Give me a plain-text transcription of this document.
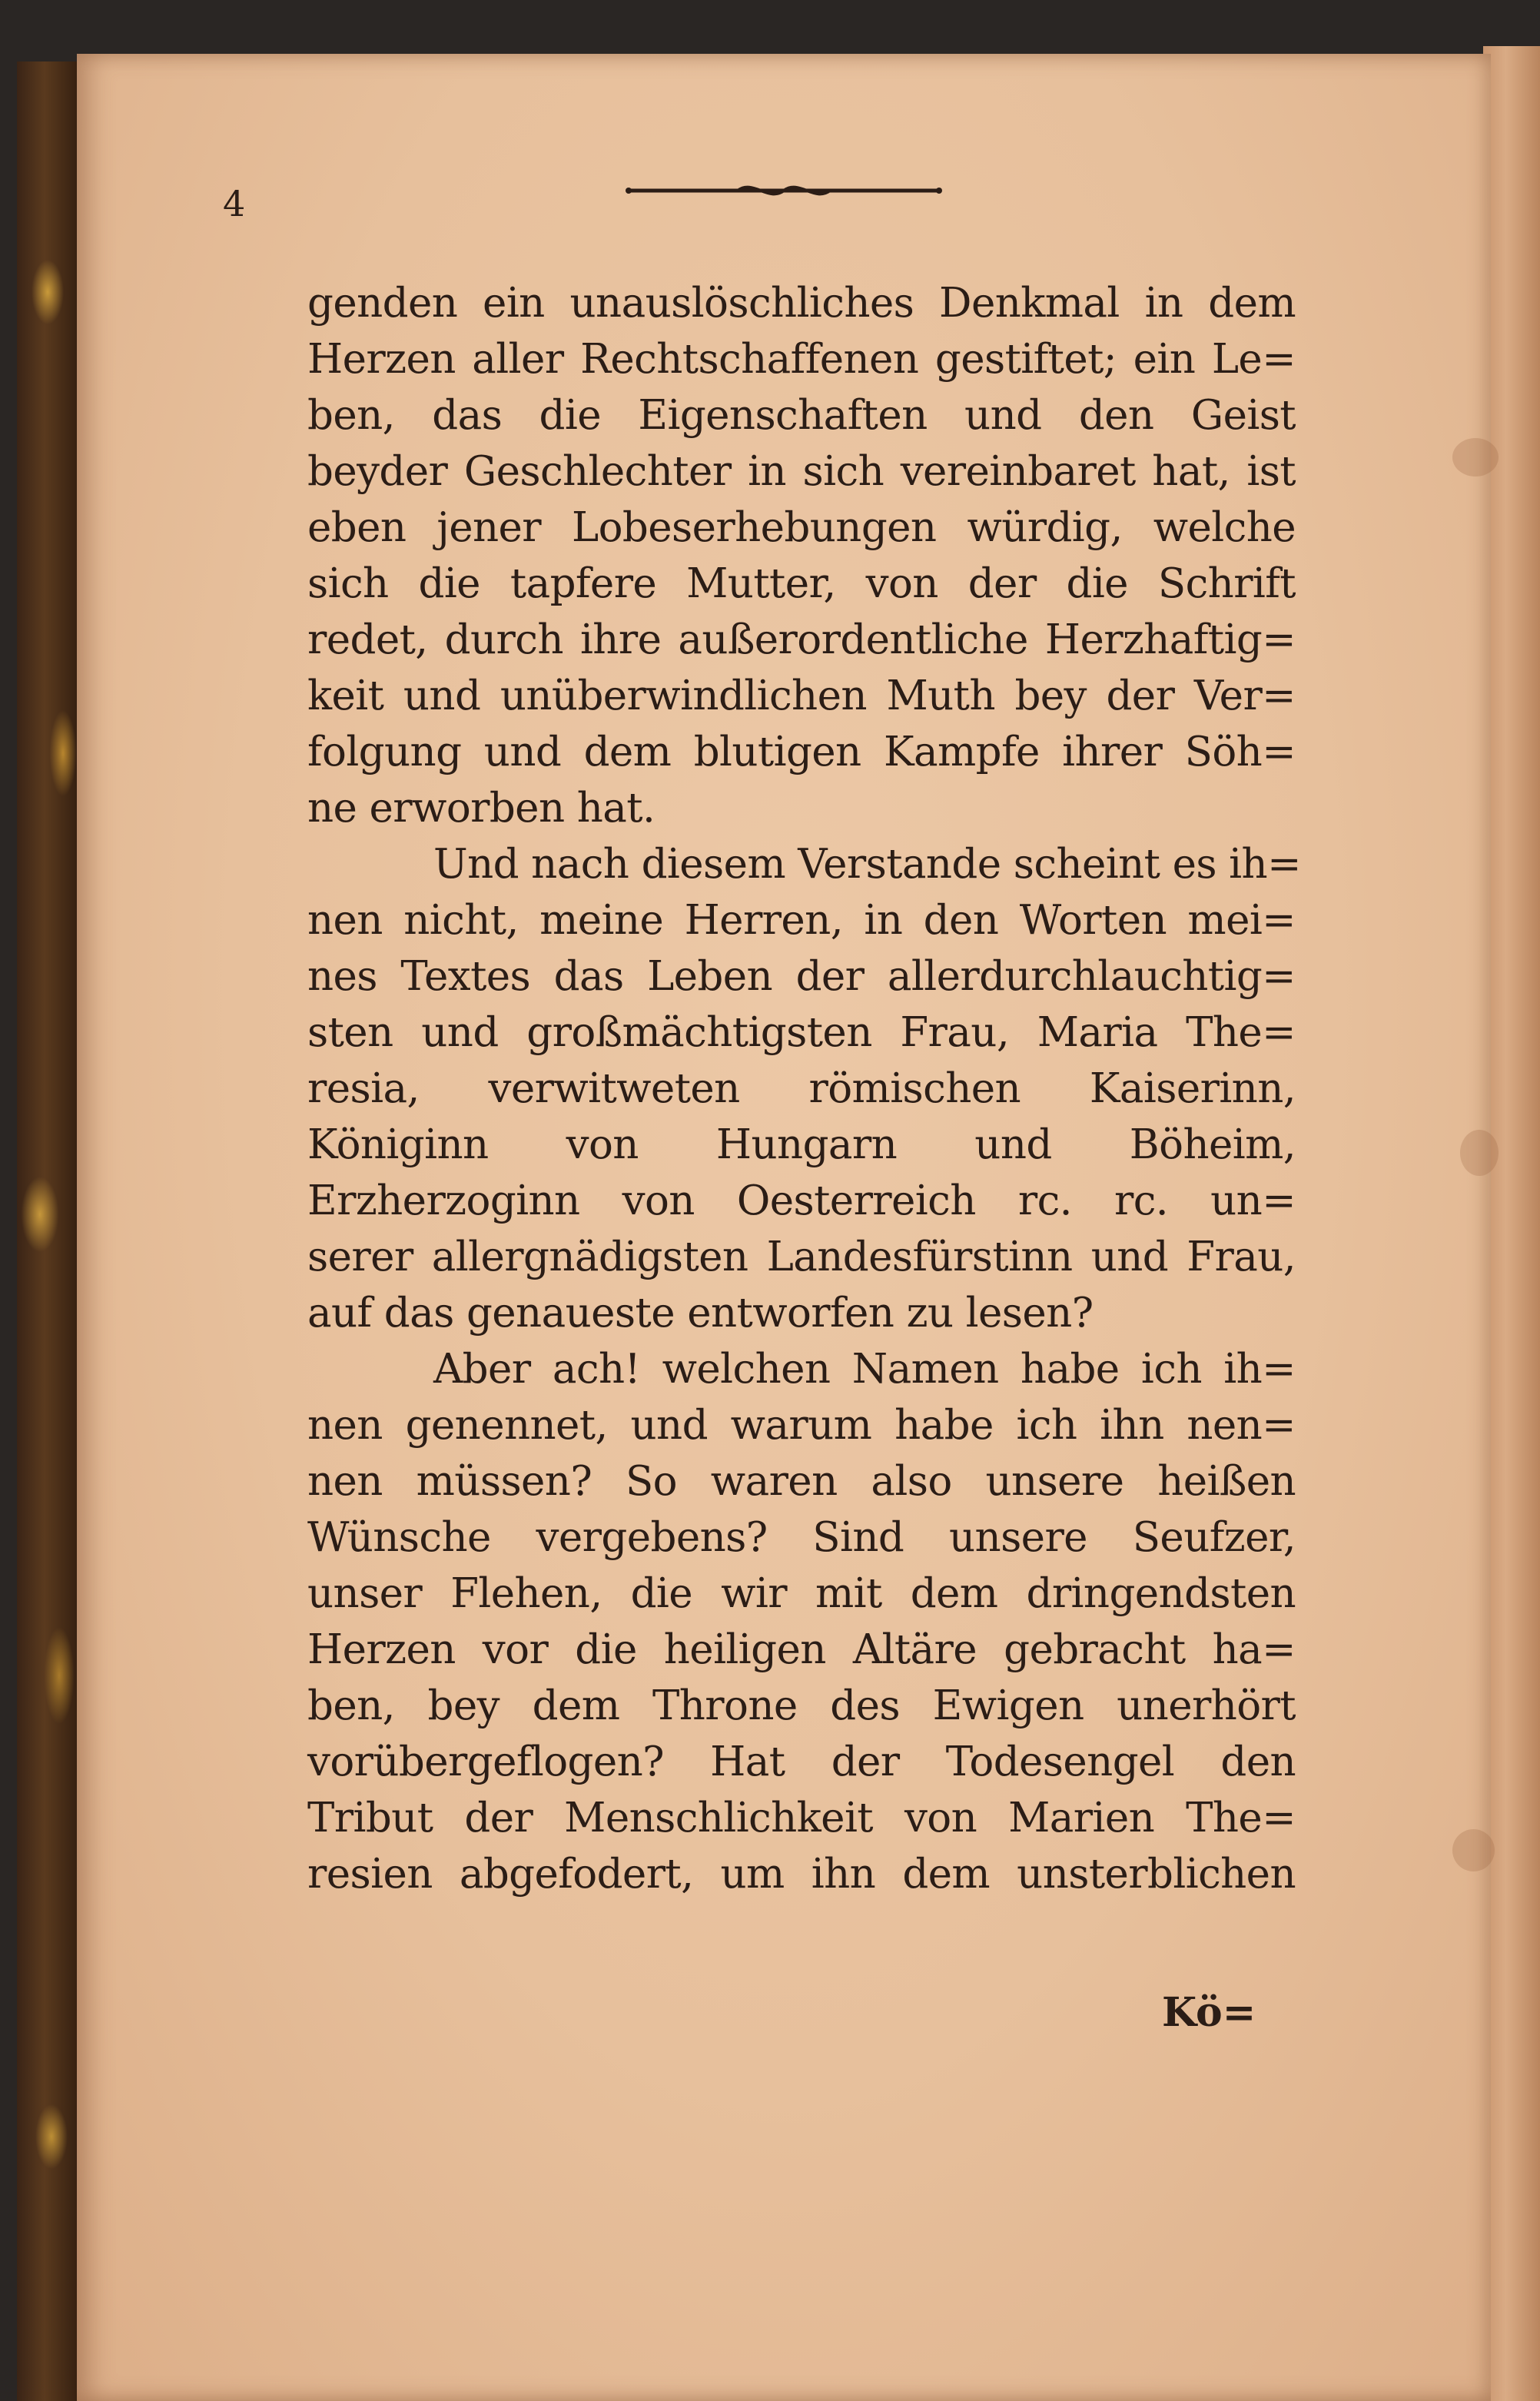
4
genden ein unauslöschliches Denkmal in dem
Herzen aller Rechtschaffenen gestiftet; ein Le=
ben, das die Eigenschaften und den Geist
beyder Geschlechter in sich vereinbaret hat, ist
eben jener Lobeserhebungen würdig, welche
sich die tapfere Mutter, von der die Schrift
redet, durch ihre außerordentliche Herzhaftig=
keit und unüberwindlichen Muth bey der Ver=
folgung und dem blutigen Kampfe ihrer Söh=
ne erworben hat.
Und nach diesem Verstande scheint es ih=
nen nicht, meine Herren, in den Worten mei=
nes Textes das Leben der allerdurchlauchtig=
sten und großmächtigsten Frau, Maria The=
resia, verwitweten römischen Kaiserinn,
Königinn von Hungarn und Böheim,
Erzherzoginn von Oesterreich rc. rc. un=
serer allergnädigsten Landesfürstinn und Frau,
auf das genaueste entworfen zu lesen?
Aber ach! welchen Namen habe ich ih=
nen genennet, und warum habe ich ihn nen=
nen müssen? So waren also unsere heißen
Wünsche vergebens? Sind unsere Seufzer,
unser Flehen, die wir mit dem dringendsten
Herzen vor die heiligen Altäre gebracht ha=
ben, bey dem Throne des Ewigen unerhört
vorübergeflogen? Hat der Todesengel den
Tribut der Menschlichkeit von Marien The=
resien abgefodert, um ihn dem unsterblichen
Kö=
